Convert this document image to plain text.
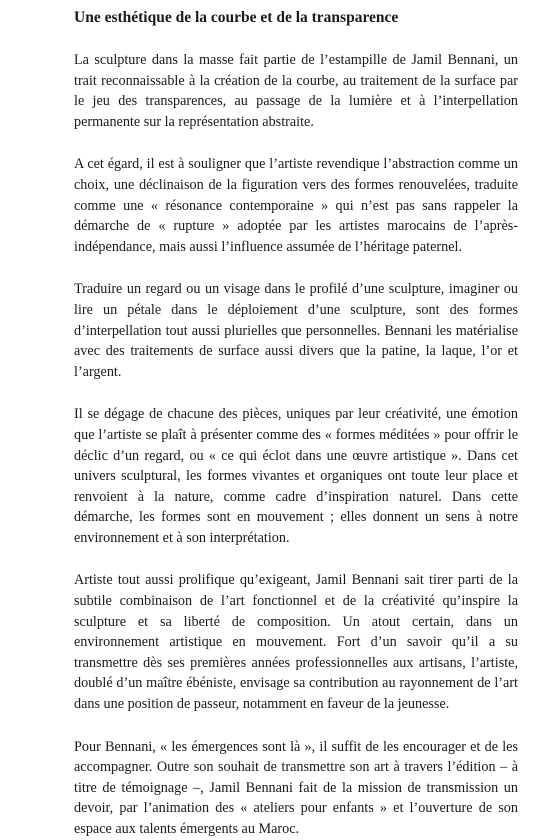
Une esthétique de la courbe et de la transparence

La sculpture dans la masse fait partie de l’estampille de Jamil Bennani, un trait reconnaissable à la création de la courbe, au traitement de la surface par le jeu des transparences, au passage de la lumière et à l’interpellation permanente sur la représentation abstraite.

A cet égard, il est à souligner que l’artiste revendique l’abstraction comme un choix, une déclinaison de la figuration vers des formes renouvelées, traduite comme une « résonance contemporaine » qui n’est pas sans rappeler la démarche de « rupture » adoptée par les artistes marocains de l’après-indépendance, mais aussi l’influence assumée de l’héritage paternel.

Traduire un regard ou un visage dans le profilé d’une sculpture, imaginer ou lire un pétale dans le déploiement d’une sculpture, sont des formes d’interpellation tout aussi plurielles que personnelles. Bennani les matérialise avec des traitements de surface aussi divers que la patine, la laque, l’or et l’argent.

Il se dégage de chacune des pièces, uniques par leur créativité, une émotion que l’artiste se plaît à présenter comme des « formes méditées » pour offrir le déclic d’un regard, ou « ce qui éclot dans une œuvre artistique ». Dans cet univers sculptural, les formes vivantes et organiques ont toute leur place et renvoient à la nature, comme cadre d’inspiration naturel. Dans cette démarche, les formes sont en mouvement ; elles donnent un sens à notre environnement et à son interprétation.

Artiste tout aussi prolifique qu’exigeant, Jamil Bennani sait tirer parti de la subtile combinaison de l’art fonctionnel et de la créativité qu’inspire la sculpture et sa liberté de composition. Un atout certain, dans un environnement artistique en mouvement. Fort d’un savoir qu’il a su transmettre dès ses premières années professionnelles aux artisans, l’artiste, doublé d’un maître ébéniste, envisage sa contribution au rayonnement de l’art dans une position de passeur, notamment en faveur de la jeunesse.

Pour Bennani, « les émergences sont là », il suffit de les encourager et de les accompagner. Outre son souhait de transmettre son art à travers l’édition – à titre de témoignage –, Jamil Bennani fait de la mission de transmission un devoir, par l’animation des « ateliers pour enfants » et l’ouverture de son espace aux talents émergents au Maroc.
